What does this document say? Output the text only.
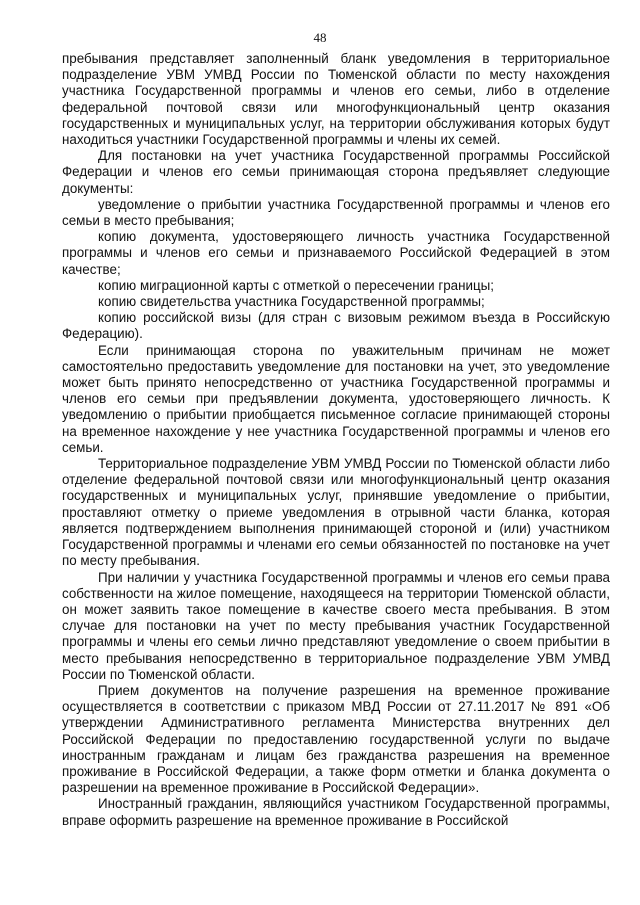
48

пребывания представляет заполненный бланк уведомления в территориальное подразделение УВМ УМВД России по Тюменской области по месту нахождения участника Государственной программы и членов его семьи, либо в отделение федеральной почтовой связи или многофункциональный центр оказания государственных и муниципальных услуг, на территории обслуживания которых будут находиться участники Государственной программы и члены их семей.

Для постановки на учет участника Государственной программы Российской Федерации и членов его семьи принимающая сторона предъявляет следующие документы:

уведомление о прибытии участника Государственной программы и членов его семьи в место пребывания;

копию документа, удостоверяющего личность участника Государственной программы и членов его семьи и признаваемого Российской Федерацией в этом качестве;

копию миграционной карты с отметкой о пересечении границы;

копию свидетельства участника Государственной программы;

копию российской визы (для стран с визовым режимом въезда в Российскую Федерацию).

Если принимающая сторона по уважительным причинам не может самостоятельно предоставить уведомление для постановки на учет, это уведомление может быть принято непосредственно от участника Государственной программы и членов его семьи при предъявлении документа, удостоверяющего личность. К уведомлению о прибытии приобщается письменное согласие принимающей стороны на временное нахождение у нее участника Государственной программы и членов его семьи.

Территориальное подразделение УВМ УМВД России по Тюменской области либо отделение федеральной почтовой связи или многофункциональный центр оказания государственных и муниципальных услуг, принявшие уведомление о прибытии, проставляют отметку о приеме уведомления в отрывной части бланка, которая является подтверждением выполнения принимающей стороной и (или) участником Государственной программы и членами его семьи обязанностей по постановке на учет по месту пребывания.

При наличии у участника Государственной программы и членов его семьи права собственности на жилое помещение, находящееся на территории Тюменской области, он может заявить такое помещение в качестве своего места пребывания. В этом случае для постановки на учет по месту пребывания участник Государственной программы и члены его семьи лично представляют уведомление о своем прибытии в место пребывания непосредственно в территориальное подразделение УВМ УМВД России по Тюменской области.

Прием документов на получение разрешения на временное проживание осуществляется в соответствии с приказом МВД России от 27.11.2017 № 891 «Об утверждении Административного регламента Министерства внутренних дел Российской Федерации по предоставлению государственной услуги по выдаче иностранным гражданам и лицам без гражданства разрешения на временное проживание в Российской Федерации, а также форм отметки и бланка документа о разрешении на временное проживание в Российской Федерации».

Иностранный гражданин, являющийся участником Государственной программы, вправе оформить разрешение на временное проживание в Российской
